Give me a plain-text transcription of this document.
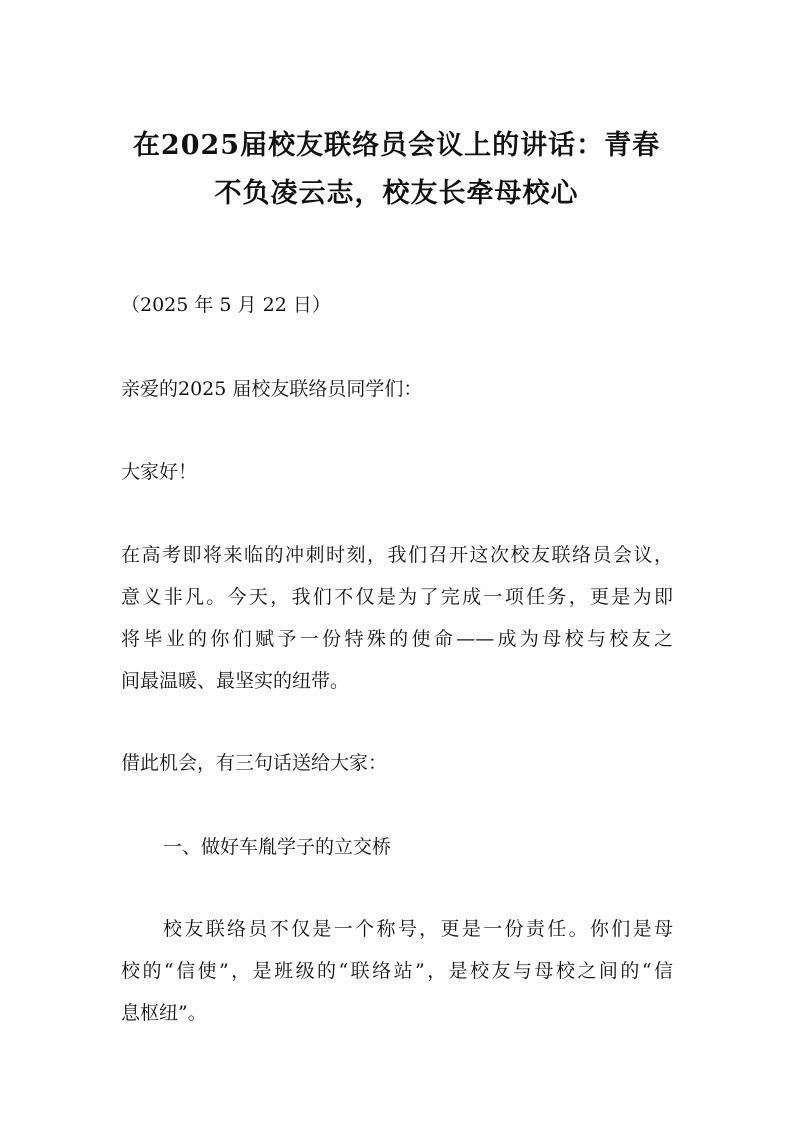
在2025届校友联络员会议上的讲话：青春
不负凌云志，校友长牵母校心

（2025 年 5 月 22 日）

亲爱的2025 届校友联络员同学们：

大家好！

在高考即将来临的冲刺时刻，我们召开这次校友联络员会议，
意义非凡。今天，我们不仅是为了完成一项任务，更是为即
将毕业的你们赋予一份特殊的使命——成为母校与校友之
间最温暖、最坚实的纽带。

借此机会，有三句话送给大家：

一、做好车胤学子的立交桥

校友联络员不仅是一个称号，更是一份责任。你们是母
校的“信使”，是班级的“联络站”，是校友与母校之间的“信
息枢纽”。
